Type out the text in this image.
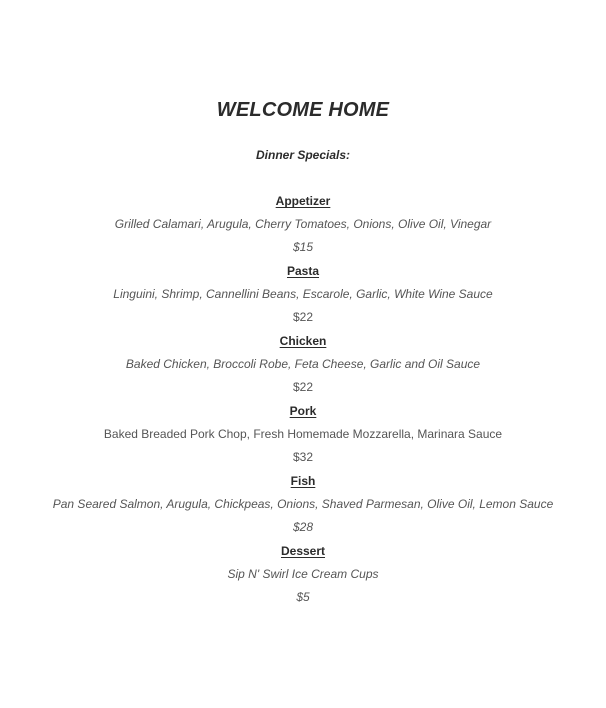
WELCOME HOME
Dinner Specials:
Appetizer
Grilled Calamari, Arugula, Cherry Tomatoes, Onions, Olive Oil, Vinegar
$15
Pasta
Linguini, Shrimp, Cannellini Beans, Escarole, Garlic, White Wine Sauce
$22
Chicken
Baked Chicken, Broccoli Robe, Feta Cheese, Garlic and Oil Sauce
$22
Pork
Baked Breaded Pork Chop, Fresh Homemade Mozzarella, Marinara Sauce
$32
Fish
Pan Seared Salmon, Arugula, Chickpeas, Onions, Shaved Parmesan, Olive Oil, Lemon Sauce
$28
Dessert
Sip N' Swirl Ice Cream Cups
$5
